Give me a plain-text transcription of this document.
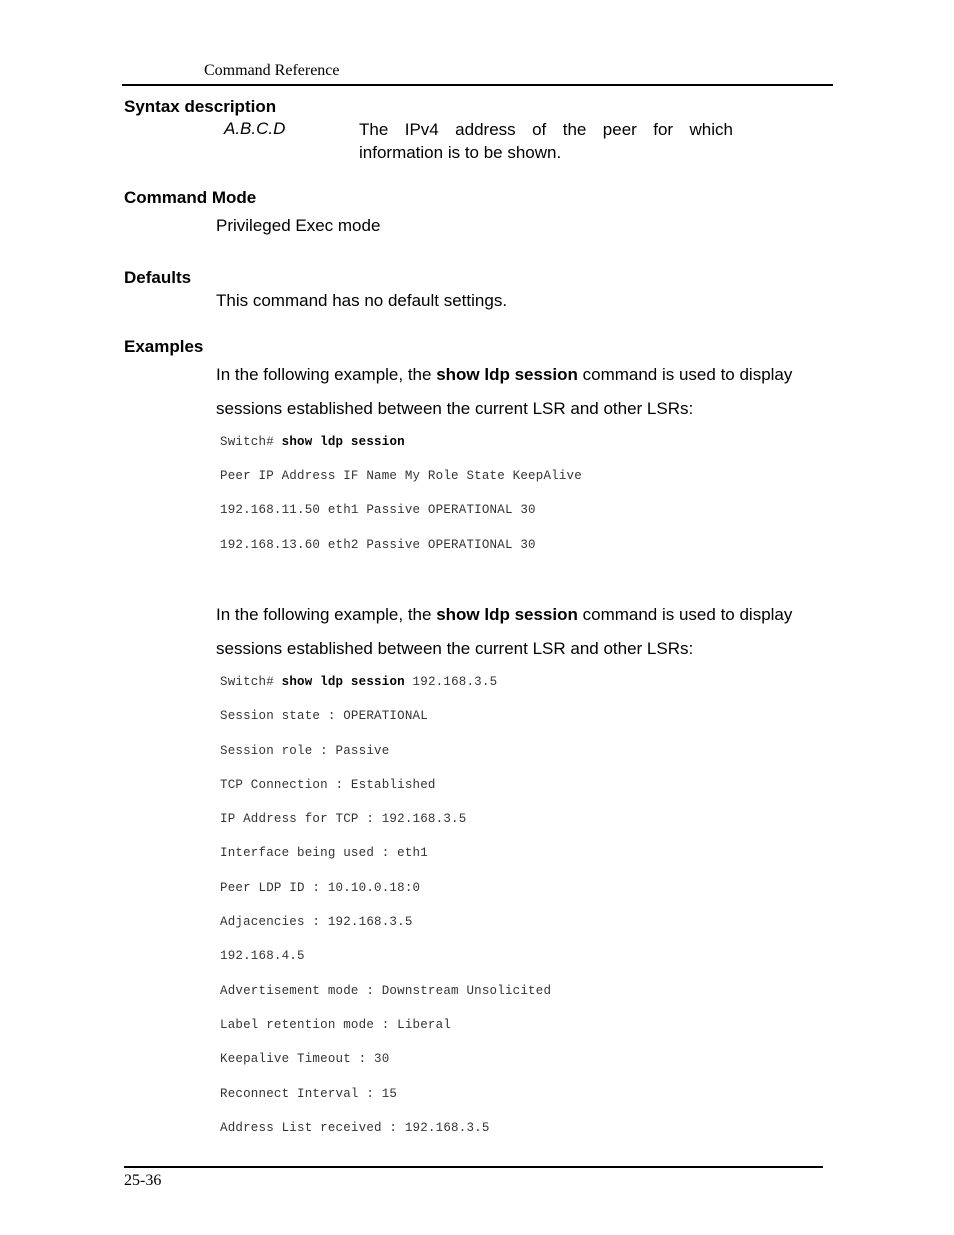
Command Reference
Syntax description
A.B.C.D	The IPv4 address of the peer for which
information is to be shown.
Command Mode
Privileged Exec mode
Defaults
This command has no default settings.
Examples
In the following example, the show ldp session command is used to display
sessions established between the current LSR and other LSRs:
Switch# show ldp session
Peer IP Address IF Name My Role State KeepAlive
192.168.11.50 eth1 Passive OPERATIONAL 30
192.168.13.60 eth2 Passive OPERATIONAL 30
In the following example, the show ldp session command is used to display
sessions established between the current LSR and other LSRs:
Switch# show ldp session 192.168.3.5
Session state : OPERATIONAL
Session role : Passive
TCP Connection : Established
IP Address for TCP : 192.168.3.5
Interface being used : eth1
Peer LDP ID : 10.10.0.18:0
Adjacencies : 192.168.3.5
192.168.4.5
Advertisement mode : Downstream Unsolicited
Label retention mode : Liberal
Keepalive Timeout : 30
Reconnect Interval : 15
Address List received : 192.168.3.5
25-36
